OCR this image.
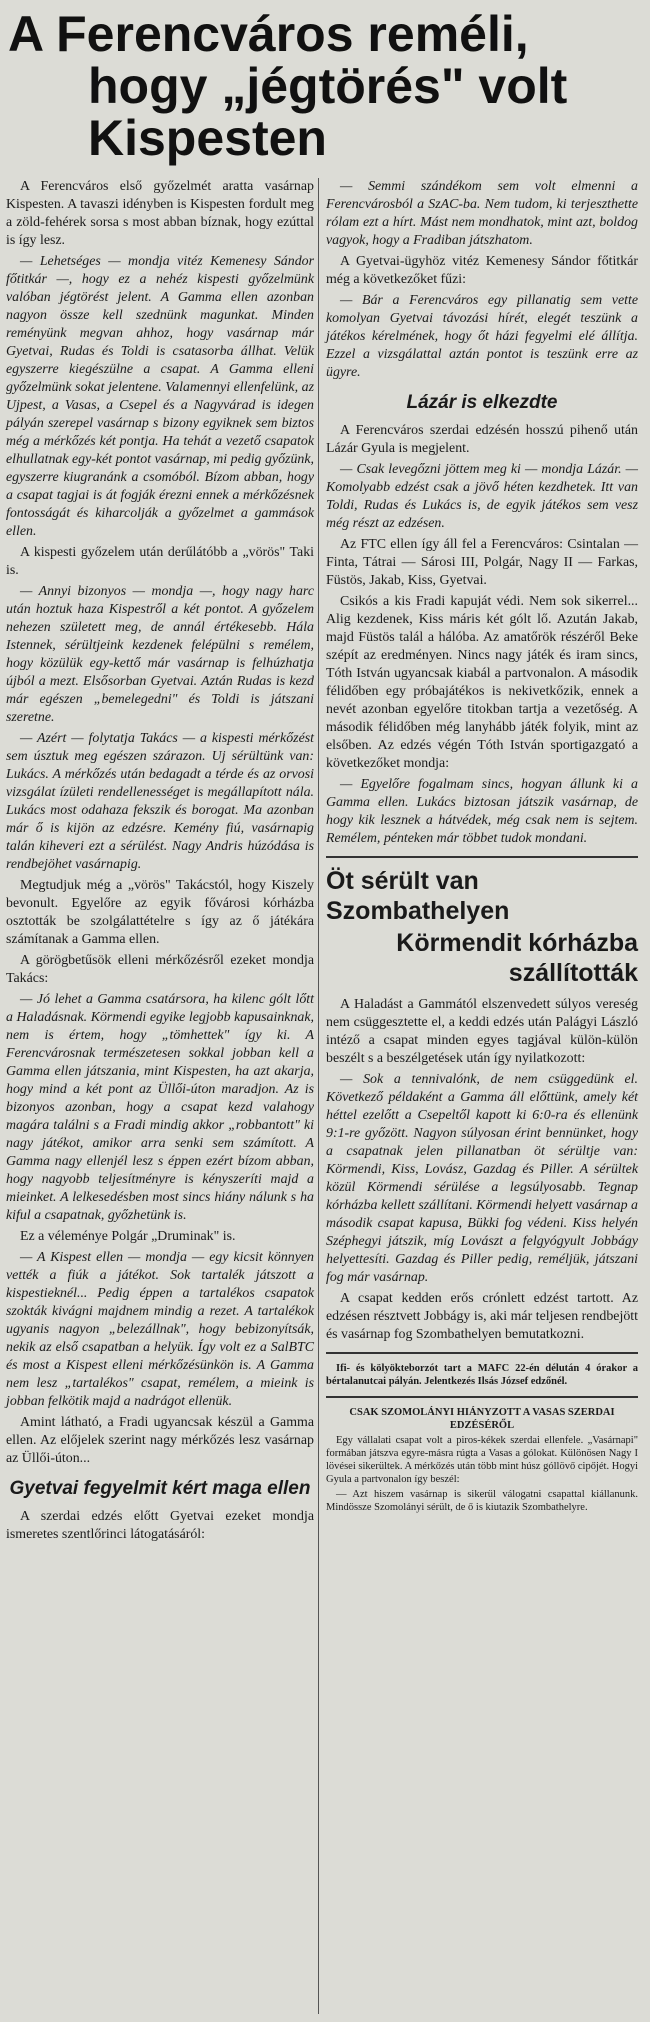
A Ferencváros reméli,
hogy „jégtörés" volt
Kispesten

A Ferencváros első győzelmét aratta vasárnap Kispesten. A tavaszi idényben is Kispesten fordult meg a zöld-fehérek sorsa s most abban bíznak, hogy ezúttal is így lesz.

— Lehetséges — mondja vitéz Kemenesy Sándor főtitkár —, hogy ez a nehéz kispesti győzelmünk valóban jégtörést jelent. A Gamma ellen azonban nagyon össze kell szednünk magunkat. Minden reményünk megvan ahhoz, hogy vasárnap már Gyetvai, Rudas és Toldi is csatasorba állhat. Velük egyszerre kiegészülne a csapat. A Gamma elleni győzelmünk sokat jelentene. Valamennyi ellenfelünk, az Ujpest, a Vasas, a Csepel és a Nagyvárad is idegen pályán szerepel vasárnap s bizony egyiknek sem biztos még a mérkőzés két pontja. Ha tehát a vezető csapatok elhullatnak egy-két pontot vasárnap, mi pedig győzünk, egyszerre kiugranánk a csomóból. Bízom abban, hogy a csapat tagjai is át fogják érezni ennek a mérkőzésnek fontosságát és kiharcolják a győzelmet a gammások ellen.

A kispesti győzelem után derűlátóbb a „vörös" Taki is.

— Annyi bizonyos — mondja —, hogy nagy harc után hoztuk haza Kispestről a két pontot. A győzelem nehezen született meg, de annál értékesebb. Hála Istennek, sérültjeink kezdenek felépülni s remélem, hogy közülük egy-kettő már vasárnap is felhúzhatja újból a mezt. Elsősorban Gyetvai. Aztán Rudas is kezd már egészen „bemelegedni" és Toldi is játszani szeretne.

— Azért — folytatja Takács — a kispesti mérkőzést sem úsztuk meg egészen szárazon. Uj sérültünk van: Lukács. A mérkőzés után bedagadt a térde és az orvosi vizsgálat ízületi rendellenességet is megállapított nála. Lukács most odahaza fekszik és borogat. Ma azonban már ő is kijön az edzésre. Kemény fiú, vasárnapig talán kiheveri ezt a sérülést. Nagy Andris húzódása is rendbejöhet vasárnapig.

Megtudjuk még a „vörös" Takácstól, hogy Kiszely bevonult. Egyelőre az egyik fővárosi kórházba osztották be szolgálattételre s így az ő játékára számítanak a Gamma ellen.

A görögbetűsök elleni mérkőzésről ezeket mondja Takács:

— Jó lehet a Gamma csatársora, ha kilenc gólt lőtt a Haladásnak. Körmendi egyike legjobb kapusainknak, nem is értem, hogy „tömhettek" így ki. A Ferencvárosnak természetesen sokkal jobban kell a Gamma ellen játszania, mint Kispesten, ha azt akarja, hogy mind a két pont az Üllői-úton maradjon. Az is bizonyos azonban, hogy a csapat kezd valahogy magára találni s a Fradi mindig akkor „robbantott" ki nagy játékot, amikor arra senki sem számított. A Gamma nagy ellenjél lesz s éppen ezért bízom abban, hogy nagyobb teljesítményre is kényszeríti majd a mieinket. A lelkesedésben most sincs hiány nálunk s ha kiful a csapatnak, győzhetünk is.

Ez a véleménye Polgár „Druminak" is.

— A Kispest ellen — mondja — egy kicsit könnyen vették a fiúk a játékot. Sok tartalék játszott a kispestieknél... Pedig éppen a tartalékos csapatok szokták kivágni majdnem mindig a rezet. A tartalékok ugyanis nagyon „belezállnak", hogy bebizonyítsák, nekik az első csapatban a helyük. Így volt ez a SalBTC és most a Kispest elleni mérkőzésünkön is. A Gamma nem lesz „tartalékos" csapat, remélem, a mieink is jobban felkötik majd a nadrágot ellenük.

Amint látható, a Fradi ugyancsak készül a Gamma ellen. Az előjelek szerint nagy mérkőzés lesz vasárnap az Üllői-úton...

Gyetvai fegyelmit kért maga ellen

A szerdai edzés előtt Gyetvai ezeket mondja ismeretes szentlőrinci látogatásáról:

— Semmi szándékom sem volt elmenni a Ferencvárosból a SzAC-ba. Nem tudom, ki terjeszthette rólam ezt a hírt. Mást nem mondhatok, mint azt, boldog vagyok, hogy a Fradiban játszhatom.

A Gyetvai-ügyhöz vitéz Kemenesy Sándor főtitkár még a következőket fűzi:

— Bár a Ferencváros egy pillanatig sem vette komolyan Gyetvai távozási hírét, elegét teszünk a játékos kérelmének, hogy őt házi fegyelmi elé állítja. Ezzel a vizsgálattal aztán pontot is teszünk erre az ügyre.

Lázár is elkezdte

A Ferencváros szerdai edzésén hosszú pihenő után Lázár Gyula is megjelent.

— Csak levegőzni jöttem meg ki — mondja Lázár. — Komolyabb edzést csak a jövő héten kezdhetek. Itt van Toldi, Rudas és Lukács is, de egyik játékos sem vesz még részt az edzésen.

Az FTC ellen így áll fel a Ferencváros: Csintalan — Finta, Tátrai — Sárosi III, Polgár, Nagy II — Farkas, Füstös, Jakab, Kiss, Gyetvai.

Csikós a kis Fradi kapuját védi. Nem sok sikerrel... Alig kezdenek, Kiss máris két gólt lő. Azután Jakab, majd Füstös talál a hálóba. Az amatőrök részéről Beke szépít az eredményen. Nincs nagy játék és iram sincs, Tóth István ugyancsak kiabál a partvonalon. A második félidőben egy próbajátékos is nekivetkőzik, ennek a nevét azonban egyelőre titokban tartja a vezetőség. A második félidőben még lanyhább játék folyik, mint az elsőben. Az edzés végén Tóth István sportigazgató a következőket mondja:

— Egyelőre fogalmam sincs, hogyan állunk ki a Gamma ellen. Lukács biztosan játszik vasárnap, de hogy kik lesznek a hátvédek, még csak nem is sejtem. Remélem, pénteken már többet tudok mondani.

Öt sérült van Szombathelyen
Körmendit kórházba szállították

A Haladást a Gammától elszenvedett súlyos vereség nem csüggesztette el, a keddi edzés után Palágyi László intéző a csapat minden egyes tagjával külön-külön beszélt s a beszélgetések után így nyilatkozott:

— Sok a tennivalónk, de nem csüggedünk el. Következő példaként a Gamma áll előttünk, amely két héttel ezelőtt a Csepeltől kapott ki 6:0-ra és ellenünk 9:1-re győzött. Nagyon súlyosan érint bennünket, hogy a csapatnak jelen pillanatban öt sérültje van: Körmendi, Kiss, Lovász, Gazdag és Piller. A sérültek közül Körmendi sérülése a legsúlyosabb. Tegnap kórházba kellett szállítani. Körmendi helyett vasárnap a második csapat kapusa, Bükki fog védeni. Kiss helyén Széphegyi játszik, míg Lovászt a felgyógyult Jobbágy helyettesíti. Gazdag és Piller pedig, reméljük, játszani fog már vasárnap.

A csapat kedden erős crónlett edzést tartott. Az edzésen résztvett Jobbágy is, aki már teljesen rendbejött és vasárnap fog Szombathelyen bemutatkozni.

Ifi- és kölyökteborzót tart a MAFC 22-én délután 4 órakor a bértalanutcai pályán. Jelentkezés Ilsás József edzőnél.

CSAK SZOMOLÁNYI HIÁNYZOTT A VASAS SZERDAI EDZÉSÉRŐL

Egy vállalati csapat volt a piros-kékek szerdai ellenfele. „Vasárnapi" formában játszva egyre-másra rúgta a Vasas a gólokat. Különösen Nagy I lövései sikerültek. A mérkőzés után több mint húsz góllövő cipőjét. Hogyi Gyula a partvonalon így beszél:

— Azt hiszem vasárnap is sikerül válogatni csapattal kiállanunk. Mindössze Szomolányi sérült, de ő is kiutazik Szombathelyre.
